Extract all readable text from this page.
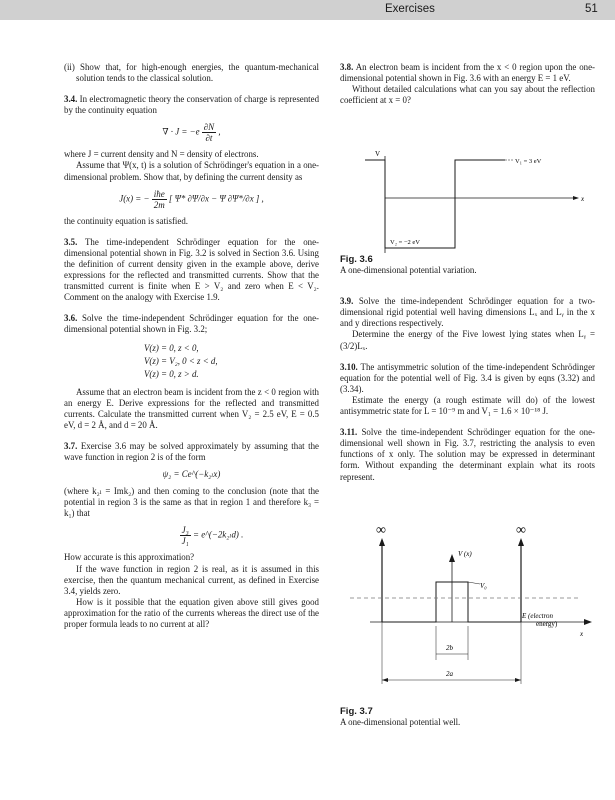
Exercises	51

(ii) Show that, for high-enough energies, the quantum-mechanical solution tends to the classical solution.

3.4. In electromagnetic theory the conservation of charge is represented by the continuity equation

∇ · $J = -e \frac{\partial N}{\partial t}$ ,

where J = current density and N = density of electrons.

Assume that Ψ(x, t) is a solution of Schrödinger's equation in a one-dimensional problem. Show that, by defining the current density as

J(x) = − $\frac{\text{iħe}}{2m}$ [ Ψ* ∂Ψ/∂x − Ψ ∂Ψ*/∂x ] ,

the continuity equation is satisfied.

3.5. The time-independent Schrödinger equation for the one-dimensional potential shown in Fig. 3.2 is solved in Section 3.6. Using the definition of current density given in the example above, derive expressions for the reflected and transmitted currents. Show that the transmitted current is finite when E > V₂ and zero when E < V₂. Comment on the analogy with Exercise 1.9.

3.6. Solve the time-independent Schrödinger equation for the one-dimensional potential shown in Fig. 3.2;

V(z) = 0, z < 0,
V(z) = V₂, 0 < z < d,
V(z) = 0, z > d.

Assume that an electron beam is incident from the z < 0 region with an energy E. Derive expressions for the reflected and transmitted currents. Calculate the transmitted current when V₂ = 2.5 eV, E = 0.5 eV, d = 2 Å, and d = 20 Å.

3.7. Exercise 3.6 may be solved approximately by assuming that the wave function in region 2 is of the form

ψ₂ = Ce^(−k₂ₗx)

(where k₂ₗ = Imk₂) and then coming to the conclusion (note that the potential in region 3 is the same as that in region 1 and therefore k₃ = k₁) that

$\frac{\text{J₃}}{\text{J₁}}$ = e^(−2k₂ₗd) .

How accurate is this approximation?

If the wave function in region 2 is real, as it is assumed in this exercise, then the quantum mechanical current, as defined in Exercise 3.4, yields zero.

How is it possible that the equation given above still gives good approximation for the ratio of the currents whereas the direct use of the proper formula leads to no current at all?

3.8. An electron beam is incident from the x < 0 region upon the one-dimensional potential shown in Fig. 3.6 with an energy E = 1 eV.

Without detailed calculations what can you say about the reflection coefficient at x = 0?

V
x
V₁ = 3 eV
V₂ = −2 eV
Fig. 3.6

A one-dimensional potential variation.

3.9. Solve the time-independent Schrödinger equation for a two-dimensional rigid potential well having dimensions Lₓ and Lᵧ in the x and y directions respectively.

Determine the energy of the Five lowest lying states when Lᵧ = (3/2)Lₓ.

3.10. The antisymmetric solution of the time-independent Schrödinger equation for the potential well of Fig. 3.4 is given by eqns (3.32) and (3.34).

Estimate the energy (a rough estimate will do) of the lowest antisymmetric state for L = 10⁻⁹ m and V₁ = 1.6 × 10⁻¹⁸ J.

3.11. Solve the time-independent Schrödinger equation for the one-dimensional well shown in Fig. 3.7, restricting the analysis to even functions of x only. The solution may be expressed in determinant form. Without expanding the determinant explain what its roots represent.

∞	∞
V (x)
x
V₀
E (electron
energy)
2b
2a
Fig. 3.7

A one-dimensional potential well.
